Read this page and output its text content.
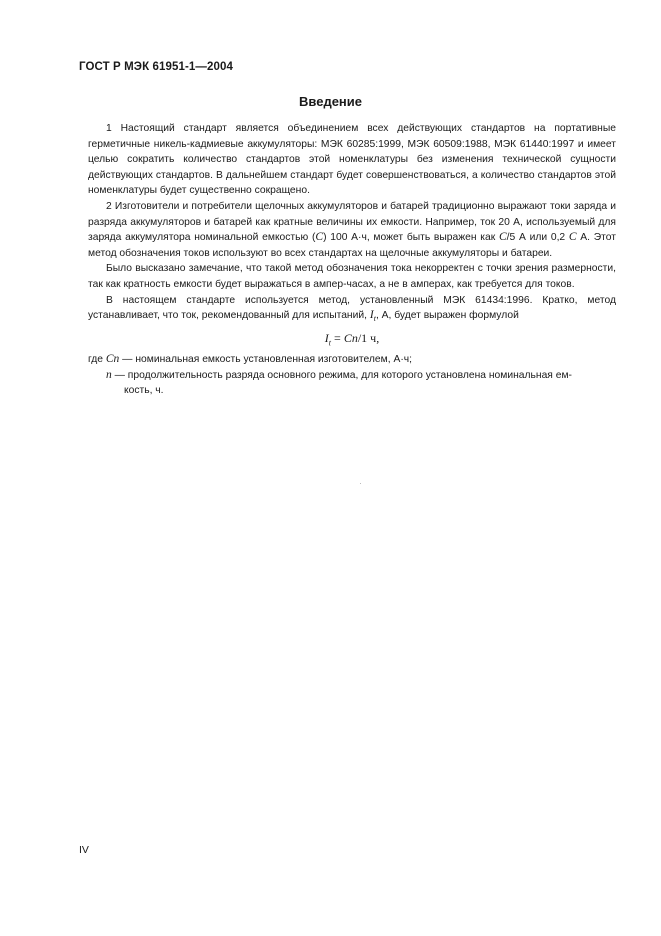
ГОСТ Р МЭК 61951-1—2004
Введение

1 Настоящий стандарт является объединением всех действующих стандартов на портативные герметичные никель-кадмиевые аккумуляторы: МЭК 60285:1999, МЭК 60509:1988, МЭК 61440:1997 и имеет целью сократить количество стандартов этой номенклатуры без изменения технической сущности действующих стандартов. В дальнейшем стандарт будет совершенствоваться, а количество стандартов этой номенклатуры будет существенно сокращено.

2 Изготовители и потребители щелочных аккумуляторов и батарей традиционно выражают токи заряда и разряда аккумуляторов и батарей как кратные величины их емкости. Например, ток 20 А, используемый для заряда аккумулятора номинальной емкостью (C) 100 А·ч, может быть выражен как C/5 А или 0,2 C А. Этот метод обозначения токов используют во всех стандартах на щелочные аккумуляторы и батареи.

Было высказано замечание, что такой метод обозначения тока некорректен с точки зрения размерности, так как кратность емкости будет выражаться в ампер-часах, а не в амперах, как требуется для токов.

В настоящем стандарте используется метод, установленный МЭК 61434:1996. Кратко, метод устанавливает, что ток, рекомендованный для испытаний, $I_t$, А, будет выражен формулой

$I_t = Cn/1$ ч,

где Cn — номинальная емкость установленная изготовителем, А·ч;

n — продолжительность разряда основного режима, для которого установлена номинальная ем-
кость, ч.

IV
